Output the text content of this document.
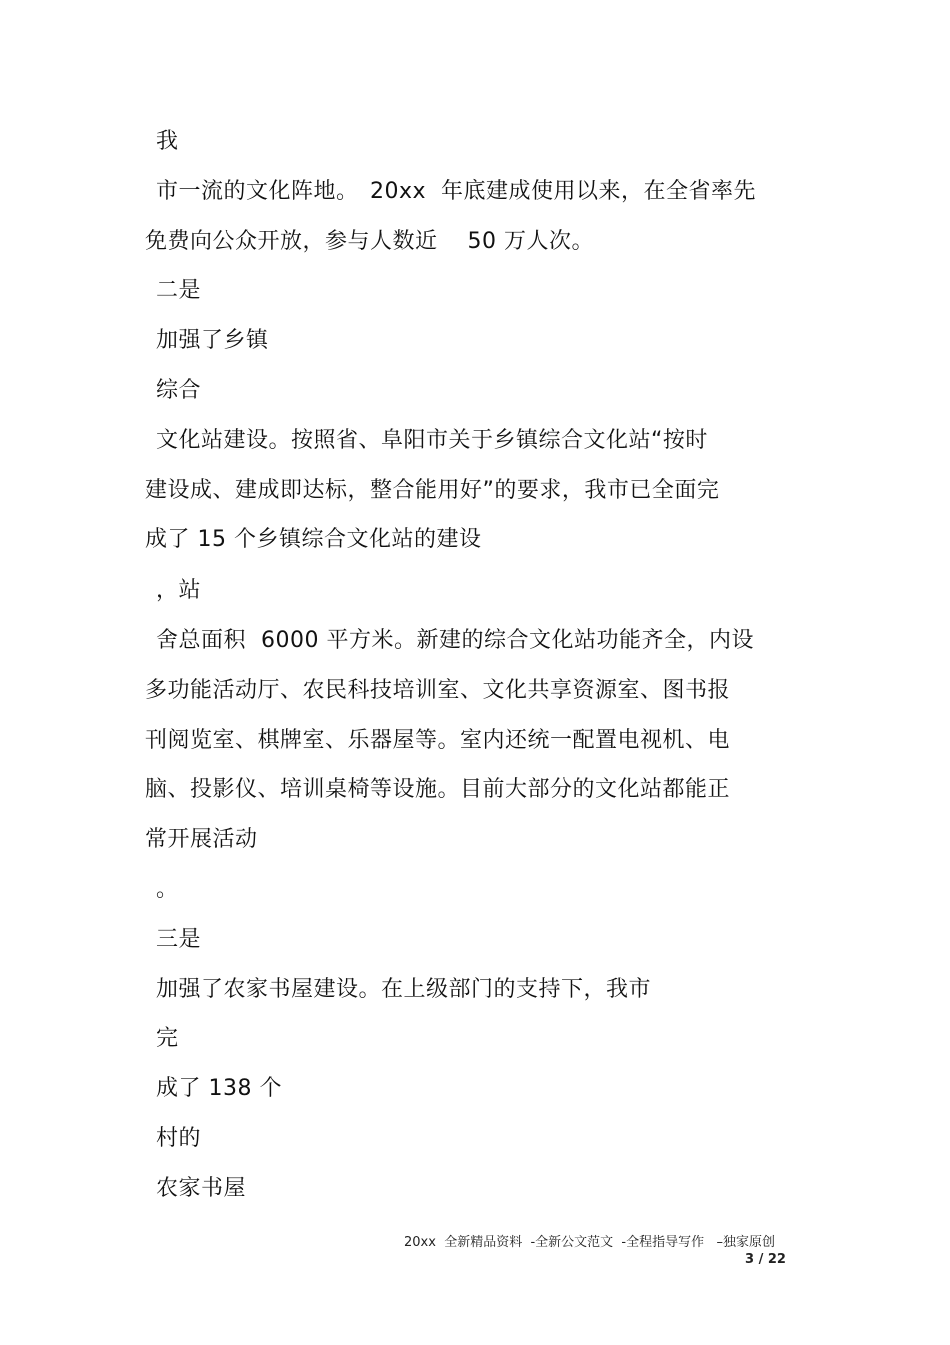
我
市一流的文化阵地。　20xx  年底建成使用以来，在全省率先
免费向公众开放，参与人数近　 50 万人次。
二是
加强了乡镇
综合
文化站建设。按照省、阜阳市关于乡镇综合文化站“按时
建设成、建成即达标，整合能用好”的要求，我市已全面完
成了 15 个乡镇综合文化站的建设
，站
舍总面积  6000 平方米。新建的综合文化站功能齐全，内设
多功能活动厅、农民科技培训室、文化共享资源室、图书报
刊阅览室、棋牌室、乐器屋等。室内还统一配置电视机、电
脑、投影仪、培训桌椅等设施。目前大部分的文化站都能正
常开展活动
。
三是
加强了农家书屋建设。在上级部门的支持下，我市
完
成了 138 个
村的
农家书屋
20xx  全新精品资料  -全新公文范文  -全程指导写作   –独家原创
3 / 22
